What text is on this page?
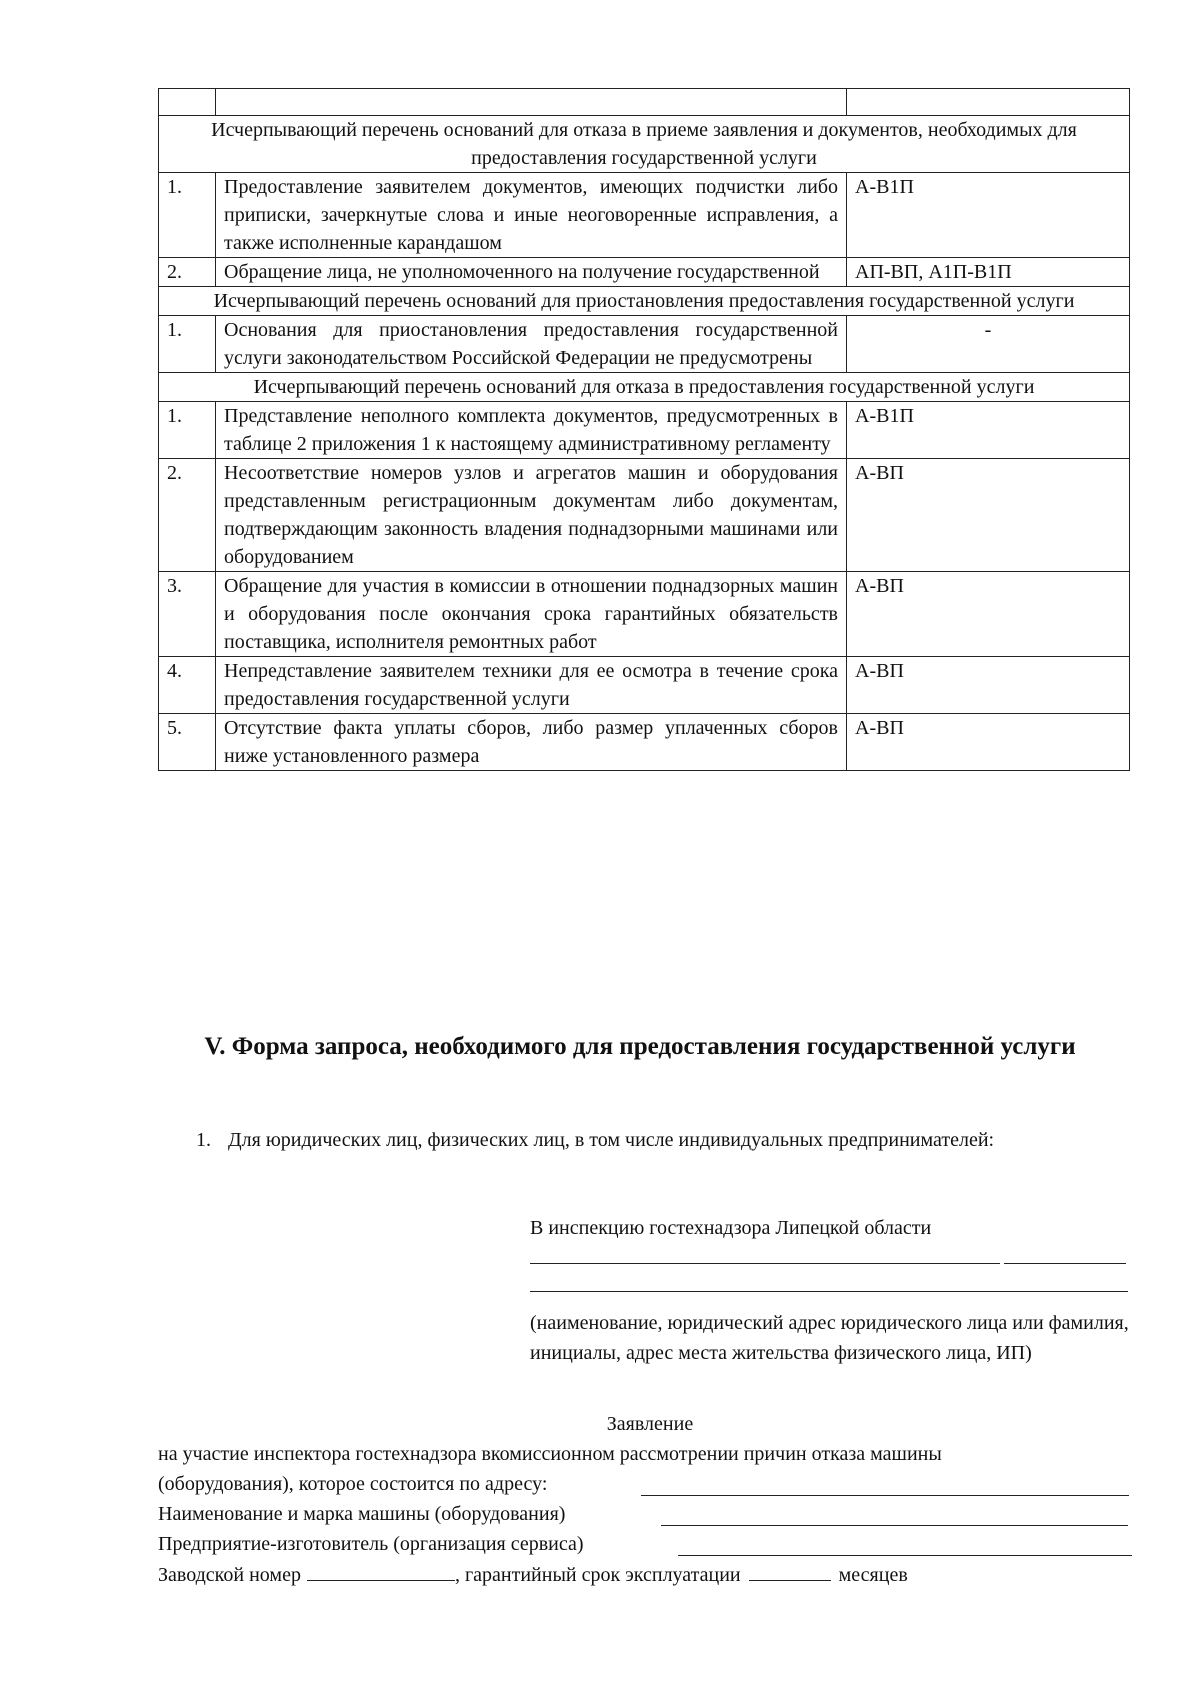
Исчерпывающий перечень оснований для отказа в приеме заявления и документов, необходимых для предоставления государственной услуги		
1.	Предоставление заявителем документов, имеющих подчистки либо приписки, зачеркнутые слова и иные неоговоренные исправления, а также исполненные карандашом	А-В1П
2.	Обращение лица, не уполномоченного на получение государственной	АП-ВП, А1П-В1П
Исчерпывающий перечень оснований для приостановления предоставления государственной услуги		
1.	Основания для приостановления предоставления государственной услуги законодательством Российской Федерации не предусмотрены	-
Исчерпывающий перечень оснований для отказа в предоставления государственной услуги		
1.	Представление неполного комплекта документов, предусмотренных в таблице 2 приложения 1 к настоящему административному регламенту	А-В1П
2.	Несоответствие номеров узлов и агрегатов машин и оборудования представленным регистрационным документам либо документам, подтверждающим законность владения поднадзорными машинами или оборудованием	А-ВП
3.	Обращение для участия в комиссии в отношении поднадзорных машин и оборудования после окончания срока гарантийных обязательств поставщика, исполнителя ремонтных работ	А-ВП
4.	Непредставление заявителем техники для ее осмотра в течение срока предоставления государственной услуги	А-ВП
5.	Отсутствие факта уплаты сборов, либо размер уплаченных сборов ниже установленного размера	А-ВП
V. Форма запроса, необходимого для предоставления государственной услуги
1. Для юридических лиц, физических лиц, в том числе индивидуальных предпринимателей:
В инспекцию гостехнадзора Липецкой области
(наименование, юридический адрес юридического лица или фамилия, инициалы, адрес места жительства физического лица, ИП)
Заявление
на участие инспектора гостехнадзора вкомиссионном рассмотрении причин отказа машины
(оборудования), которое состоится по адресу:
Наименование и марка машины (оборудования)
Предприятие-изготовитель (организация сервиса)
Заводской номер	, гарантийный срок эксплуатации	месяцев
